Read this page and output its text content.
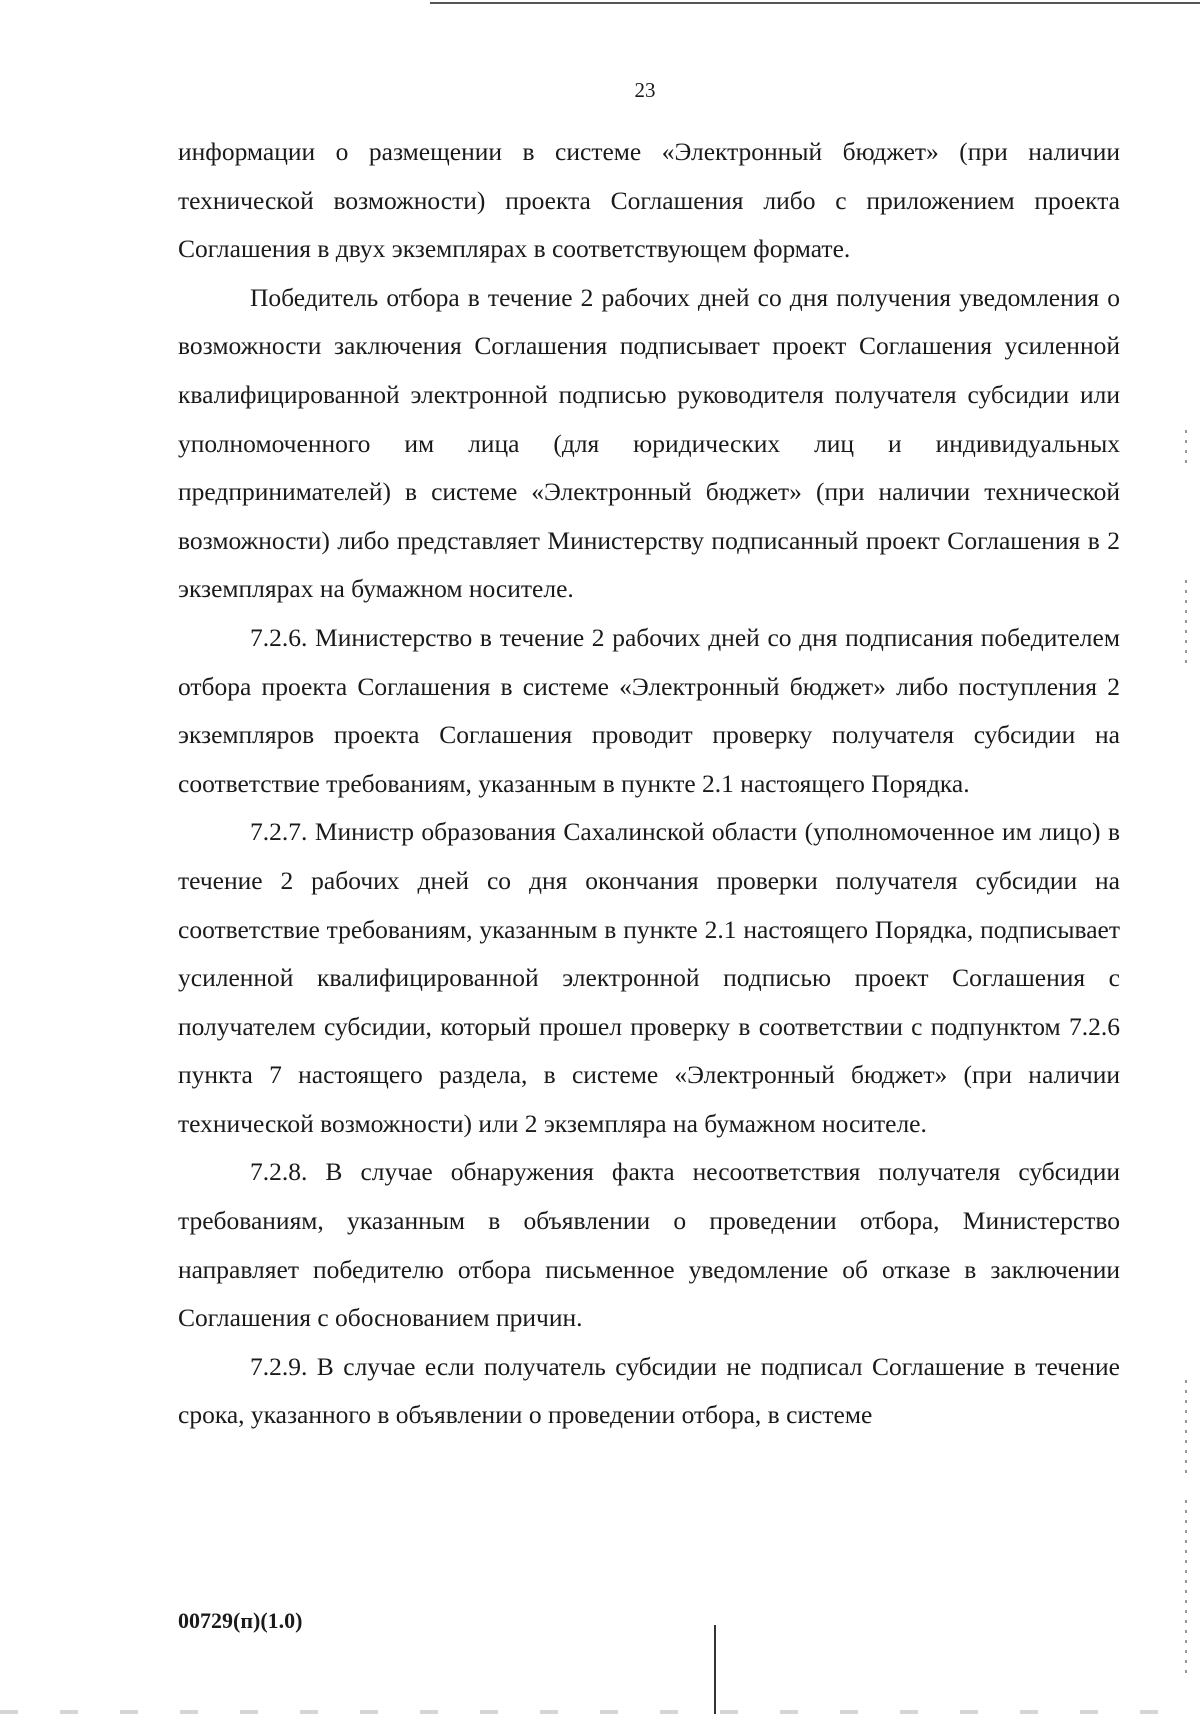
23

информации о размещении в системе «Электронный бюджет» (при наличии технической возможности) проекта Соглашения либо с приложением проекта Соглашения в двух экземплярах в соответствующем формате.

Победитель отбора в течение 2 рабочих дней со дня получения уведомления о возможности заключения Соглашения подписывает проект Соглашения усиленной квалифицированной электронной подписью руководителя получателя субсидии или уполномоченного им лица (для юридических лиц и индивидуальных предпринимателей) в системе «Электронный бюджет» (при наличии технической возможности) либо представляет Министерству подписанный проект Соглашения в 2 экземплярах на бумажном носителе.

7.2.6. Министерство в течение 2 рабочих дней со дня подписания победителем отбора проекта Соглашения в системе «Электронный бюджет» либо поступления 2 экземпляров проекта Соглашения проводит проверку получателя субсидии на соответствие требованиям, указанным в пункте 2.1 настоящего Порядка.

7.2.7. Министр образования Сахалинской области (уполномоченное им лицо) в течение 2 рабочих дней со дня окончания проверки получателя субсидии на соответствие требованиям, указанным в пункте 2.1 настоящего Порядка, подписывает усиленной квалифицированной электронной подписью проект Соглашения с получателем субсидии, который прошел проверку в соответствии с подпунктом 7.2.6 пункта 7 настоящего раздела, в системе «Электронный бюджет» (при наличии технической возможности) или 2 экземпляра на бумажном носителе.

7.2.8. В случае обнаружения факта несоответствия получателя субсидии требованиям, указанным в объявлении о проведении отбора, Министерство направляет победителю отбора письменное уведомление об отказе в заключении Соглашения с обоснованием причин.

7.2.9. В случае если получатель субсидии не подписал Соглашение в течение срока, указанного в объявлении о проведении отбора, в системе

00729(п)(1.0)
